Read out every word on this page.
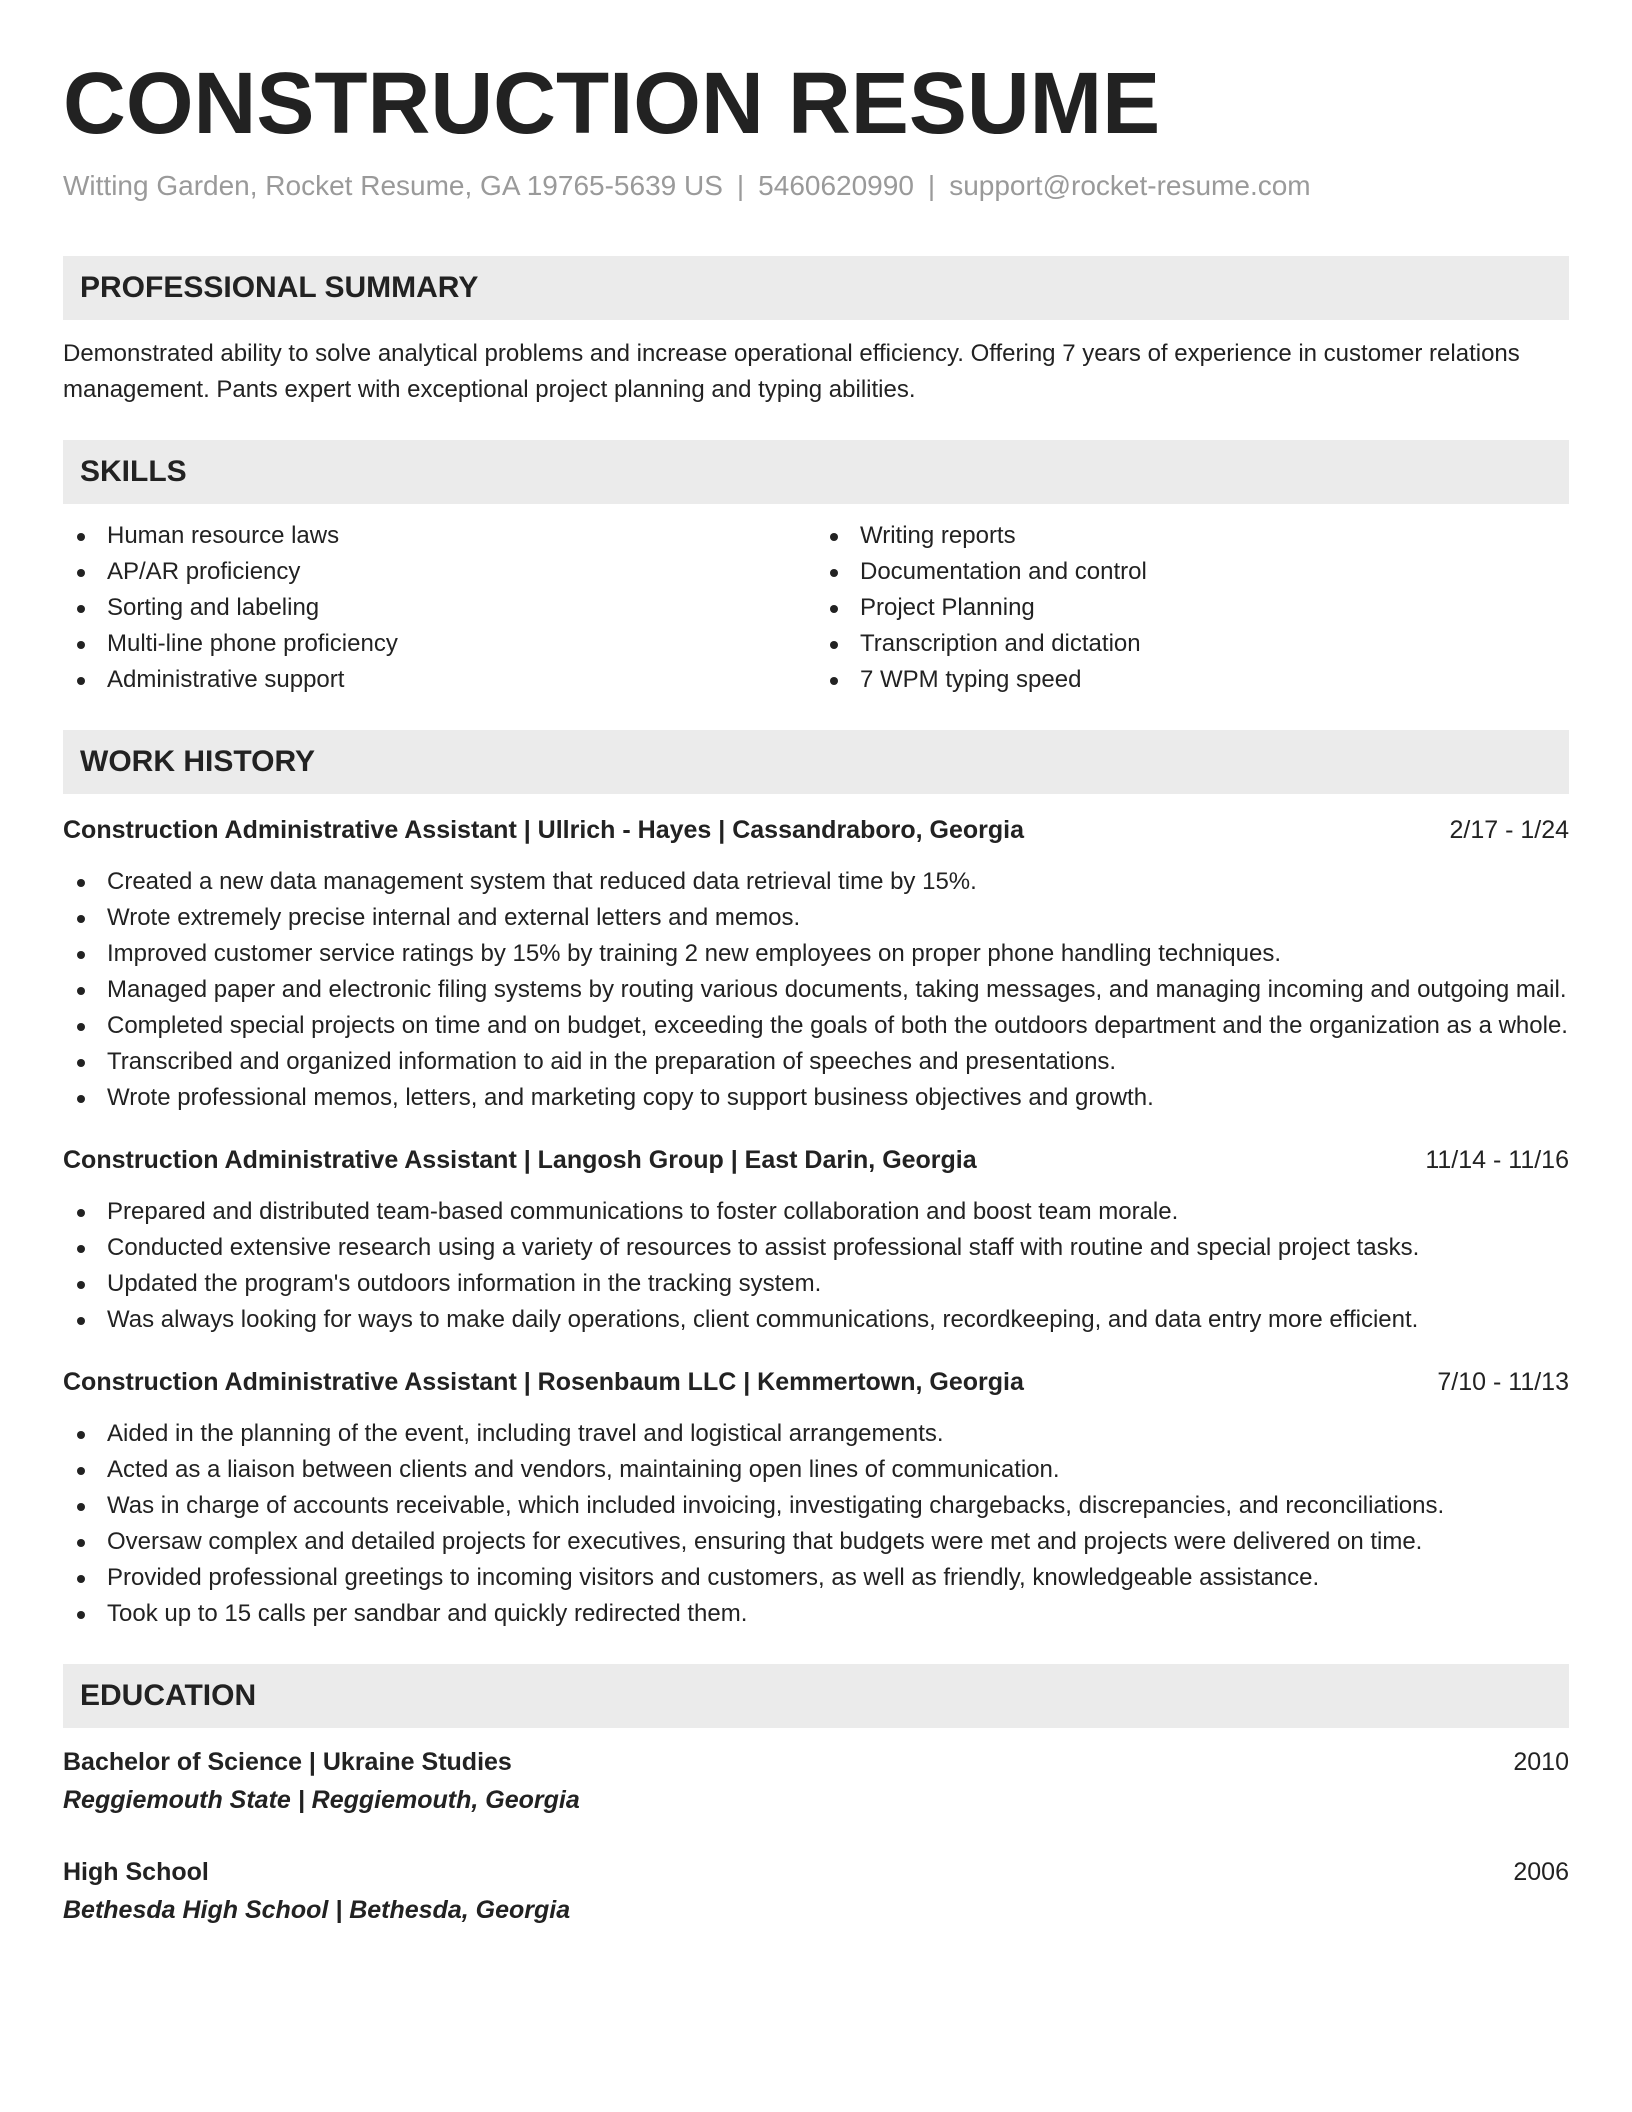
CONSTRUCTION RESUME
Witting Garden, Rocket Resume, GA 19765-5639 US | 5460620990 | support@rocket-resume.com
PROFESSIONAL SUMMARY
Demonstrated ability to solve analytical problems and increase operational efficiency. Offering 7 years of experience in customer relations management. Pants expert with exceptional project planning and typing abilities.
SKILLS
Human resource laws
AP/AR proficiency
Sorting and labeling
Multi-line phone proficiency
Administrative support
Writing reports
Documentation and control
Project Planning
Transcription and dictation
7 WPM typing speed
WORK HISTORY
Construction Administrative Assistant | Ullrich - Hayes | Cassandraboro, Georgia	2/17 - 1/24
Created a new data management system that reduced data retrieval time by 15%.
Wrote extremely precise internal and external letters and memos.
Improved customer service ratings by 15% by training 2 new employees on proper phone handling techniques.
Managed paper and electronic filing systems by routing various documents, taking messages, and managing incoming and outgoing mail.
Completed special projects on time and on budget, exceeding the goals of both the outdoors department and the organization as a whole.
Transcribed and organized information to aid in the preparation of speeches and presentations.
Wrote professional memos, letters, and marketing copy to support business objectives and growth.
Construction Administrative Assistant | Langosh Group | East Darin, Georgia	11/14 - 11/16
Prepared and distributed team-based communications to foster collaboration and boost team morale.
Conducted extensive research using a variety of resources to assist professional staff with routine and special project tasks.
Updated the program's outdoors information in the tracking system.
Was always looking for ways to make daily operations, client communications, recordkeeping, and data entry more efficient.
Construction Administrative Assistant | Rosenbaum LLC | Kemmertown, Georgia	7/10 - 11/13
Aided in the planning of the event, including travel and logistical arrangements.
Acted as a liaison between clients and vendors, maintaining open lines of communication.
Was in charge of accounts receivable, which included invoicing, investigating chargebacks, discrepancies, and reconciliations.
Oversaw complex and detailed projects for executives, ensuring that budgets were met and projects were delivered on time.
Provided professional greetings to incoming visitors and customers, as well as friendly, knowledgeable assistance.
Took up to 15 calls per sandbar and quickly redirected them.
EDUCATION
Bachelor of Science | Ukraine Studies	2010
Reggiemouth State | Reggiemouth, Georgia
High School	2006
Bethesda High School | Bethesda, Georgia
